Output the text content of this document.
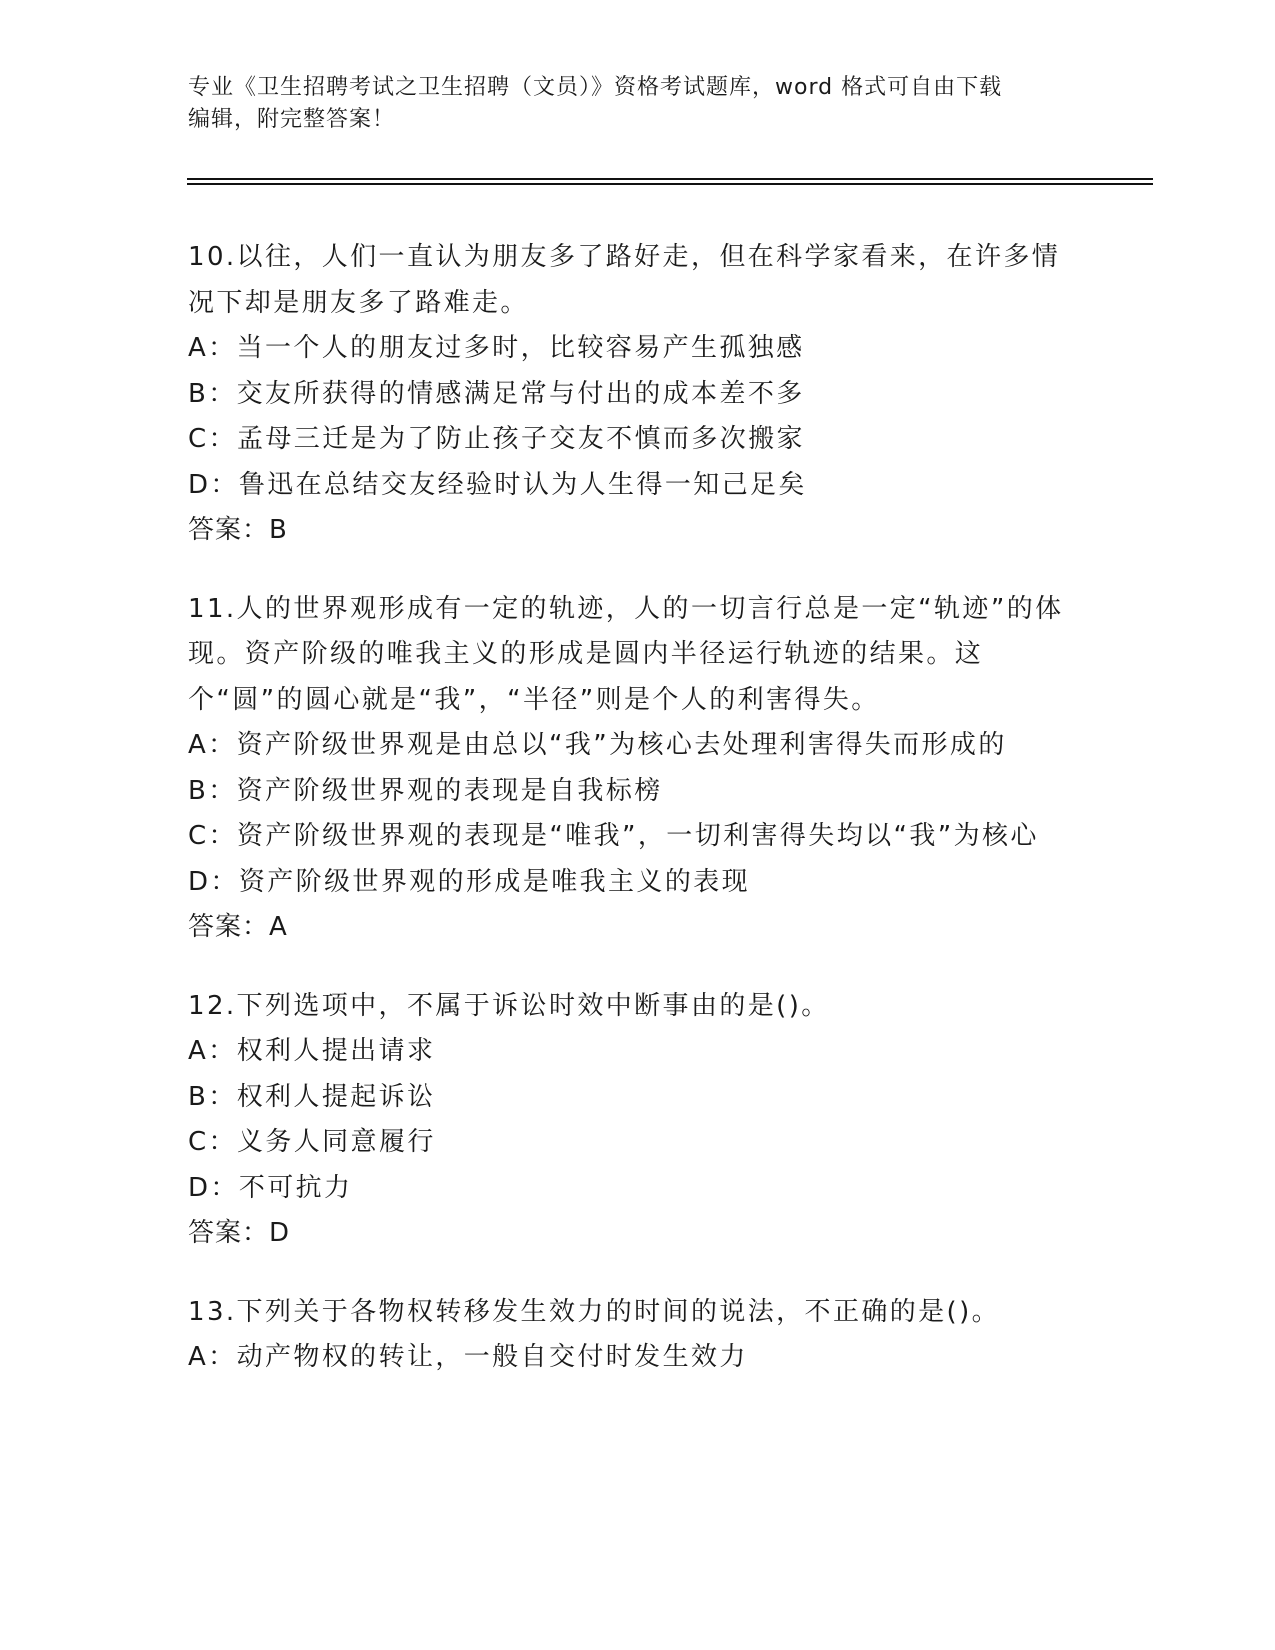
专业《卫生招聘考试之卫生招聘（文员）》资格考试题库，word 格式可自由下载
编辑，附完整答案！

10.以往，人们一直认为朋友多了路好走，但在科学家看来，在许多情况下却是朋友多了路难走。

A：当一个人的朋友过多时，比较容易产生孤独感

B：交友所获得的情感满足常与付出的成本差不多

C：孟母三迁是为了防止孩子交友不慎而多次搬家

D：鲁迅在总结交友经验时认为人生得一知己足矣

答案：B

11.人的世界观形成有一定的轨迹，人的一切言行总是一定“轨迹”的体现。资产阶级的唯我主义的形成是圆内半径运行轨迹的结果。这个“圆”的圆心就是“我”，“半径”则是个人的利害得失。

A：资产阶级世界观是由总以“我”为核心去处理利害得失而形成的

B：资产阶级世界观的表现是自我标榜

C：资产阶级世界观的表现是“唯我”，一切利害得失均以“我”为核心

D：资产阶级世界观的形成是唯我主义的表现

答案：A

12.下列选项中，不属于诉讼时效中断事由的是()。

A：权利人提出请求

B：权利人提起诉讼

C：义务人同意履行

D：不可抗力

答案：D

13.下列关于各物权转移发生效力的时间的说法，不正确的是()。

A：动产物权的转让，一般自交付时发生效力
